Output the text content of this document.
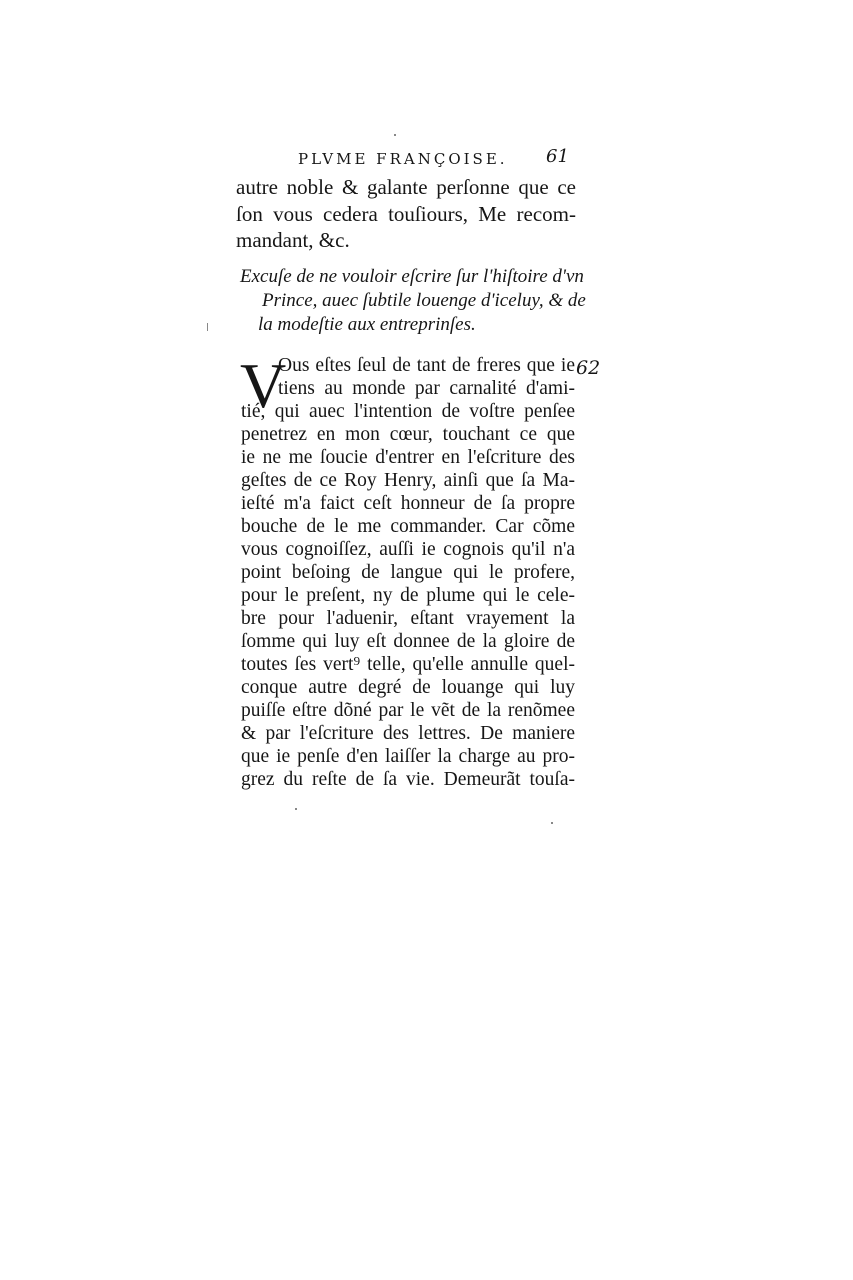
PLVME FRANÇOISE.	61
autre noble & galante perſonne que ce
ſon vous cedera touſiours, Me recom-
mandant, &c.
Excuſe de ne vouloir eſcrire ſur l'hiſtoire d'vn
Prince, auec ſubtile louenge d'iceluy, & de
la modeſtie aux entreprinſes.
V	62
Ous eſtes ſeul de tant de freres que ie
tiens au monde par carnalité d'ami-
tié, qui auec l'intention de voſtre penſee
penetrez en mon cœur, touchant ce que
ie ne me ſoucie d'entrer en l'eſcriture des
geſtes de ce Roy Henry, ainſi que ſa Ma-
ieſté m'a faict ceſt honneur de ſa propre
bouche de le me commander. Car cõme
vous cognoiſſez, auſſi ie cognois qu'il n'a
point beſoing de langue qui le profere,
pour le preſent, ny de plume qui le cele-
bre pour l'aduenir, eſtant vrayement la
ſomme qui luy eſt donnee de la gloire de
toutes ſes vert⁹ telle, qu'elle annulle quel-
conque autre degré de louange qui luy
puiſſe eſtre dõné par le vẽt de la renõmee
& par l'eſcriture des lettres. De maniere
que ie penſe d'en laiſſer la charge au pro-
grez du reſte de ſa vie. Demeurãt touſa-
